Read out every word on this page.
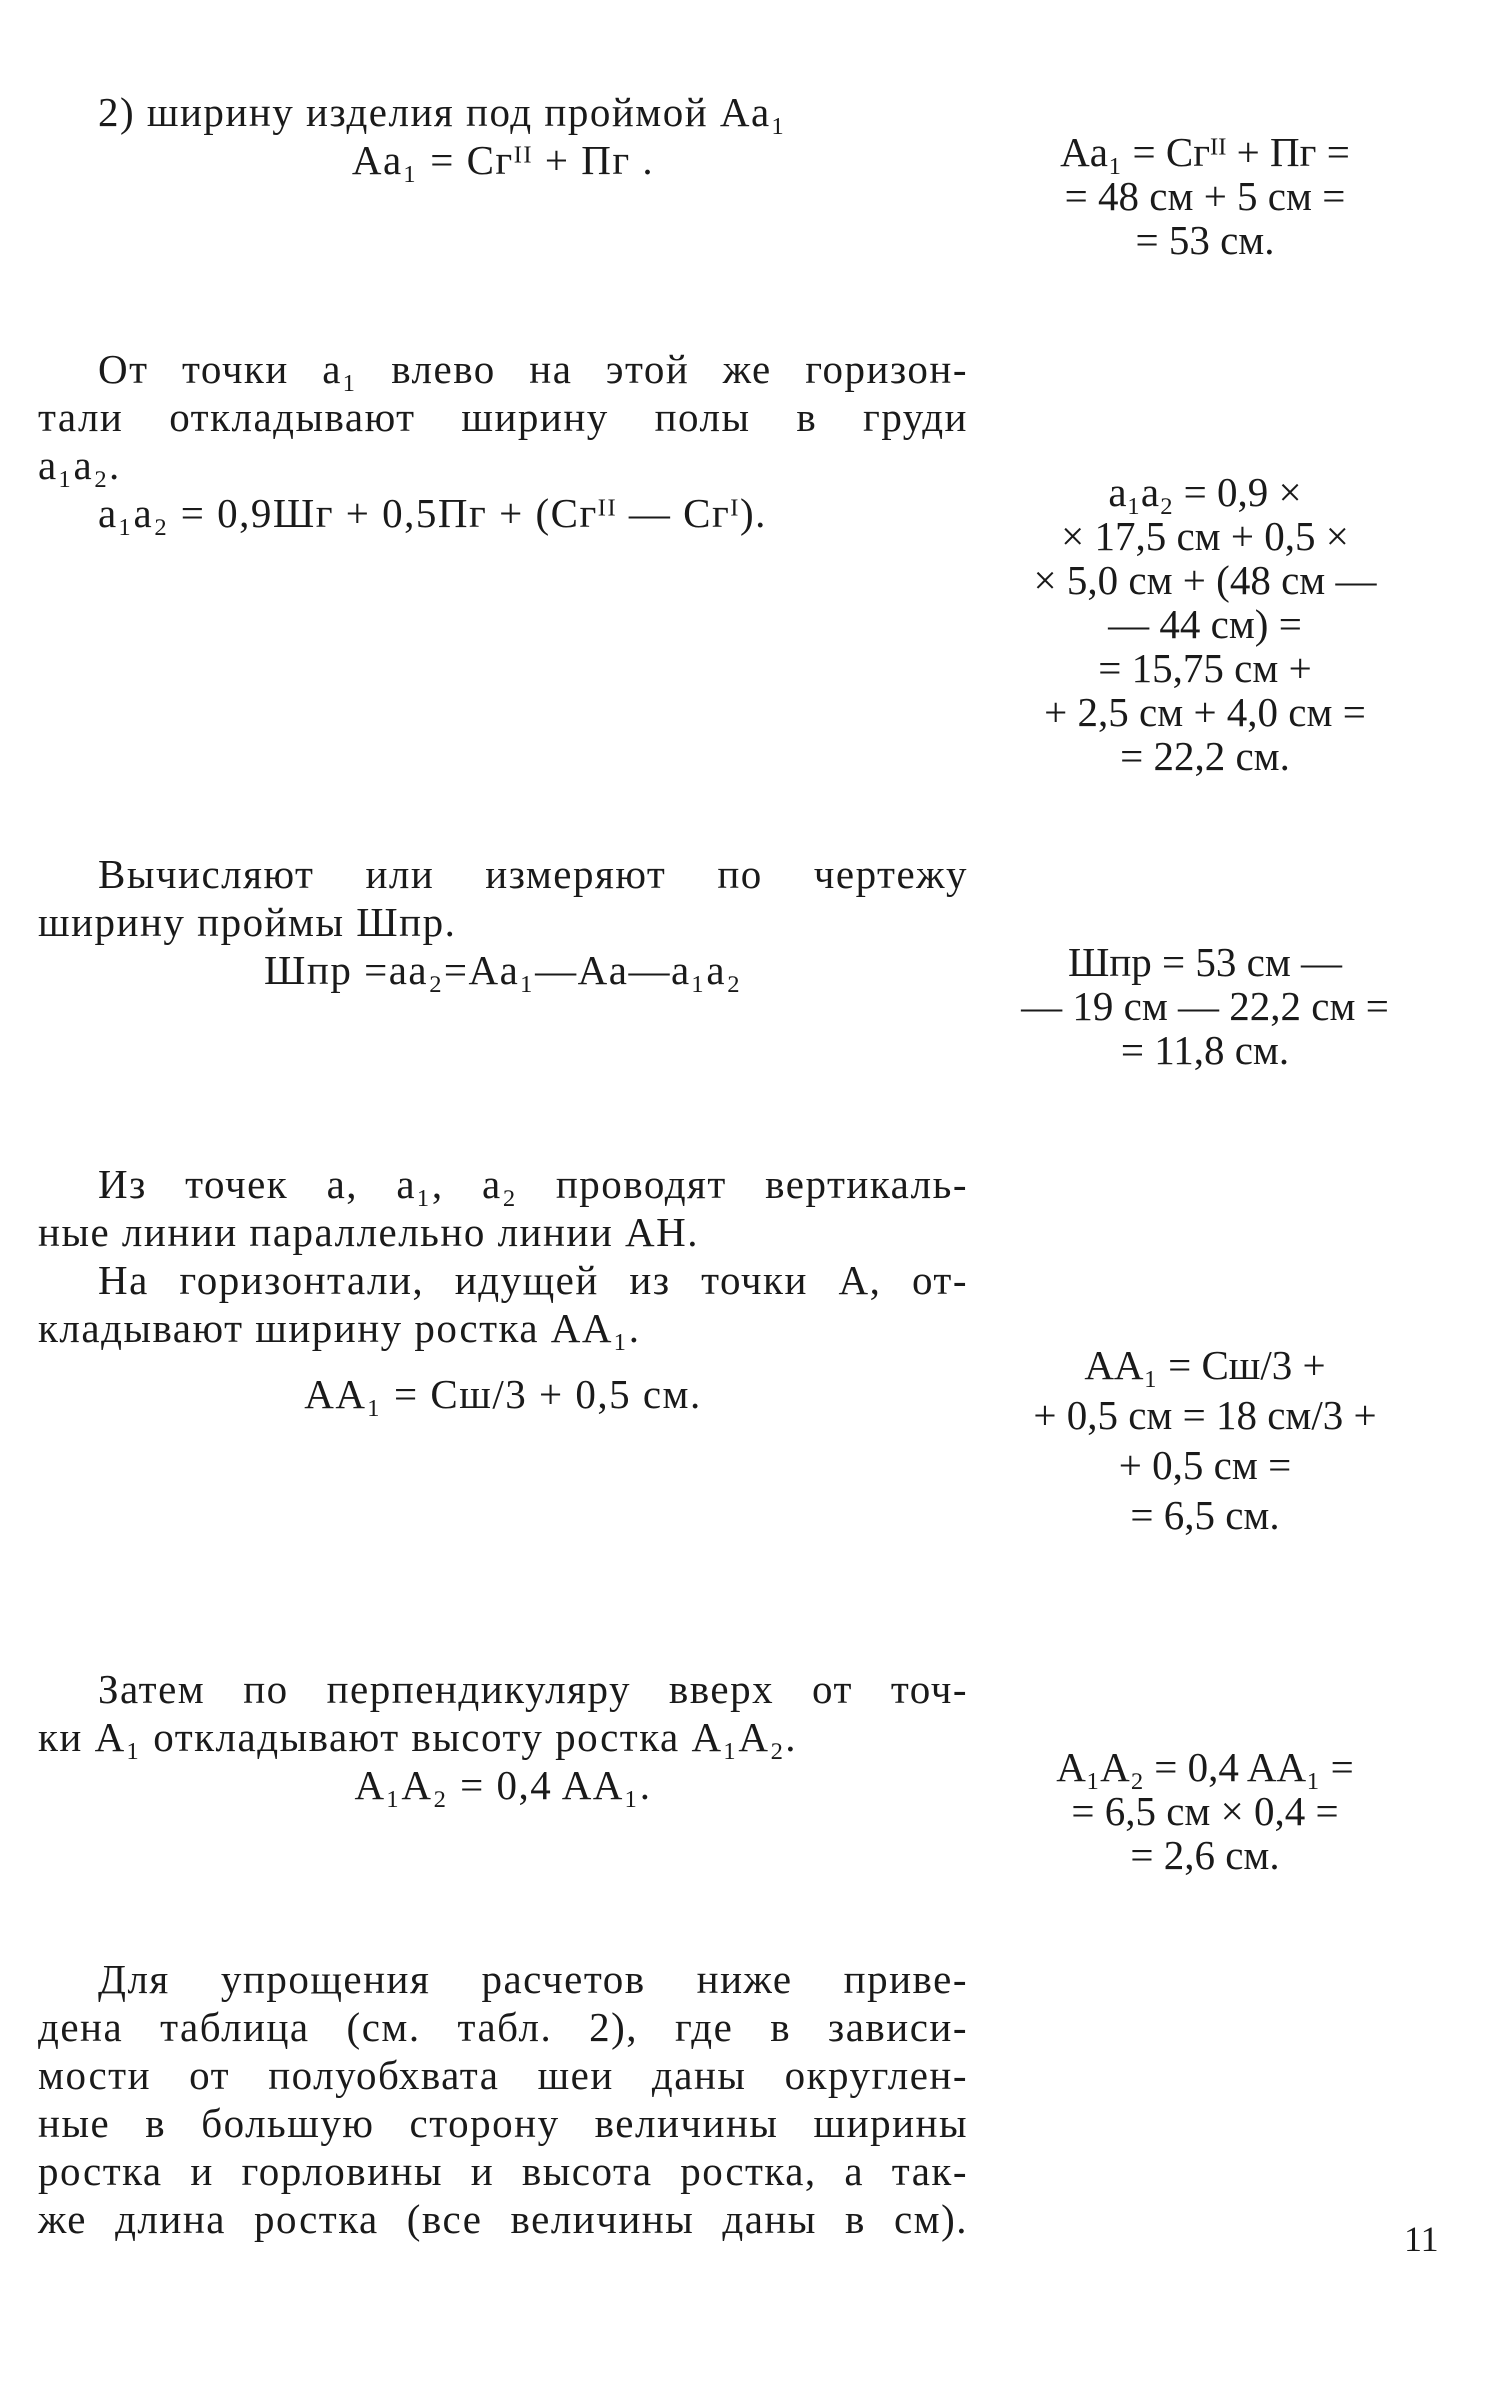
2) ширину изделия под проймой Aa₁
Aa₁ = Cгᴵᴵ + Пг .	Aa₁ = Cгᴵᴵ + Пг =
= 48 см + 5 см =
= 53 см.
От точки a₁ влево на этой же горизон-
тали откладывают ширину полы в груди
a₁a₂.
a₁a₂ = 0,9Шг + 0,5Пг + (Cгᴵᴵ — Cгᴵ).	a₁a₂ = 0,9 ×
× 17,5 см + 0,5 ×
× 5,0 см + (48 см —
— 44 см) =
= 15,75 см +
+ 2,5 см + 4,0 см =
= 22,2 см.
Вычисляют или измеряют по чертежу
ширину проймы Шпр.
Шпр =aa₂=Aa₁—Aa—a₁a₂	Шпр = 53 см —
— 19 см — 22,2 см =
= 11,8 см.
Из точек a, a₁, a₂ проводят вертикаль-
ные линии параллельно линии AH.
На горизонтали, идущей из точки A, от-
кладывают ширину ростка AA₁.
AA₁ = Cш/3 + 0,5 см.
AA₁ = Cш/3 +
+ 0,5 см = 18 см/3 +
+ 0,5 см =
= 6,5 см.
Затем по перпендикуляру вверх от точ-
ки A₁ откладывают высоту ростка A₁A₂.
A₁A₂ = 0,4 AA₁.	A₁A₂ = 0,4 AA₁ =
= 6,5 см × 0,4 =
= 2,6 см.
Для упрощения расчетов ниже приве-
дена таблица (см. табл. 2), где в зависи-
мости от полуобхвата шеи даны округлен-
ные в большую сторону величины ширины
ростка и горловины и высота ростка, а так-
же длина ростка (все величины даны в см).	11
